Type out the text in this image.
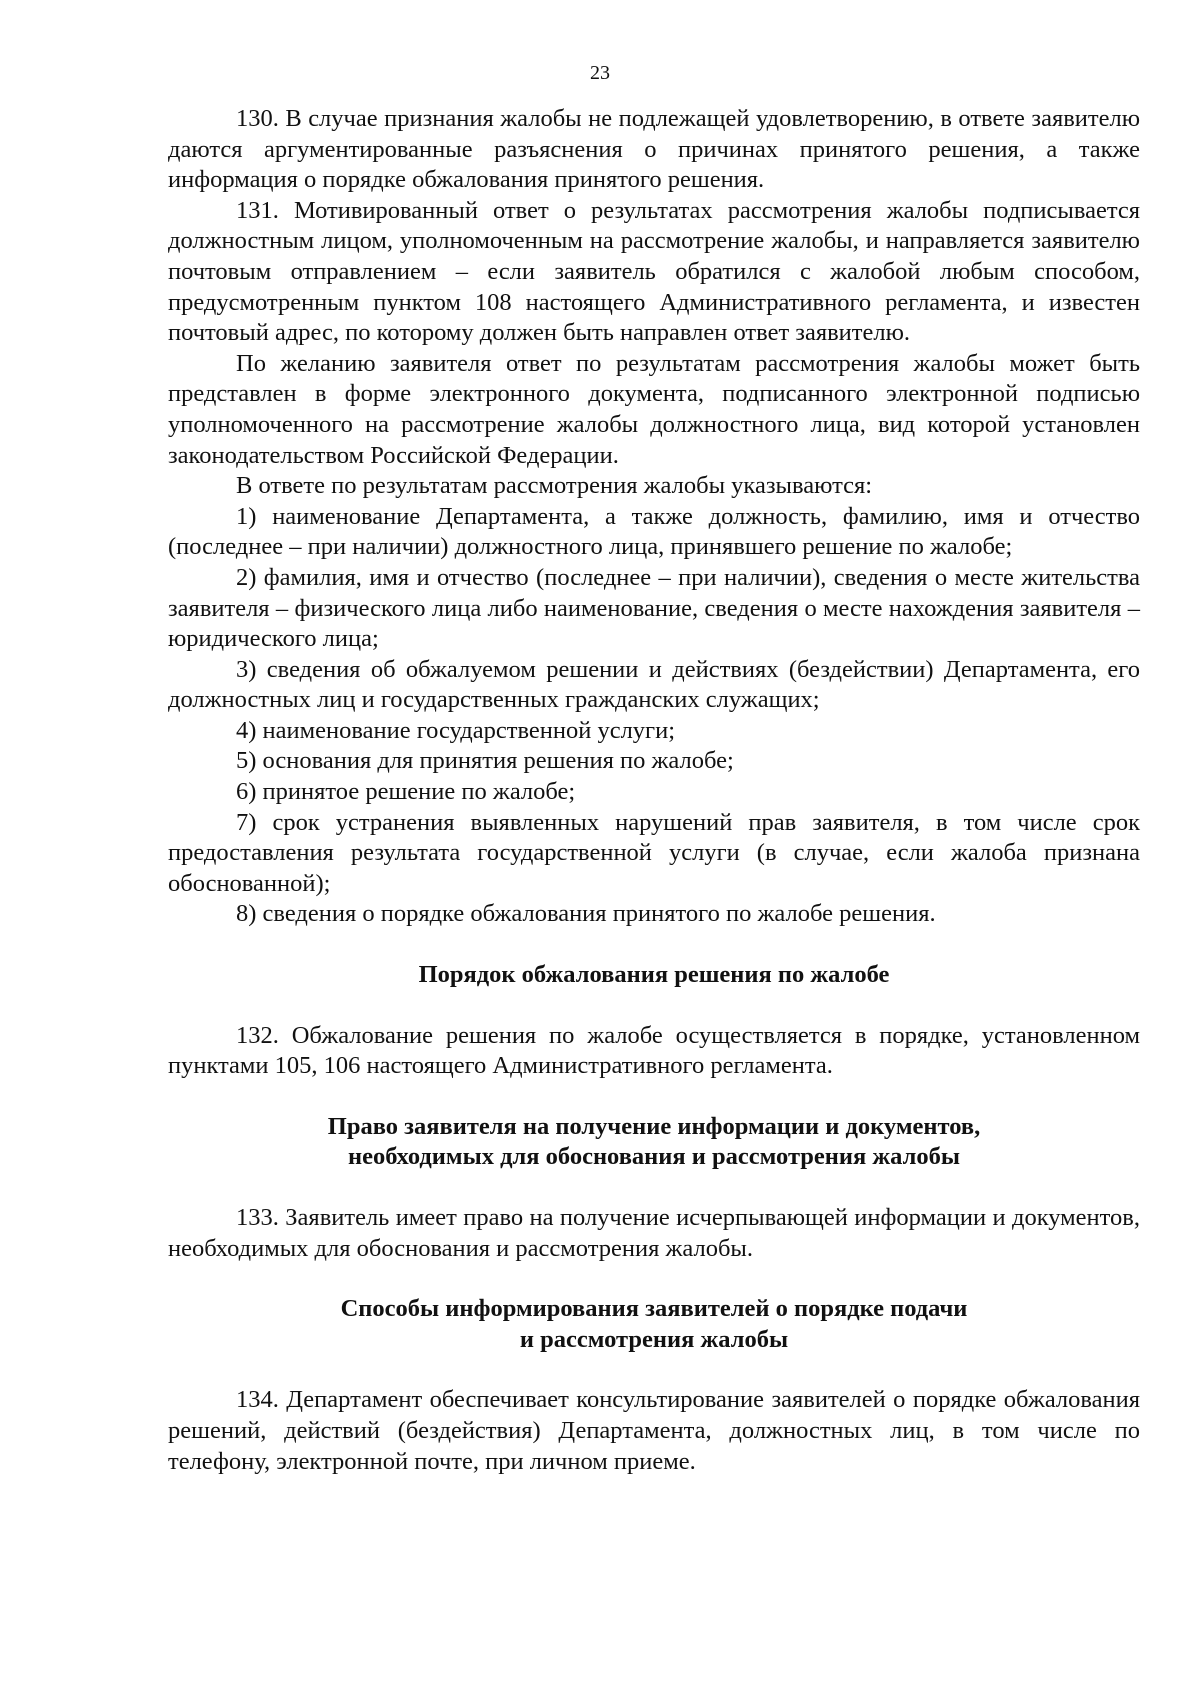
23

130. В случае признания жалобы не подлежащей удовлетворению, в ответе заявителю даются аргументированные разъяснения о причинах принятого решения, а также информация о порядке обжалования принятого решения.

131. Мотивированный ответ о результатах рассмотрения жалобы подписывается должностным лицом, уполномоченным на рассмотрение жалобы, и направляется заявителю почтовым отправлением – если заявитель обратился с жалобой любым способом, предусмотренным пунктом 108 настоящего Административного регламента, и известен почтовый адрес, по которому должен быть направлен ответ заявителю.

По желанию заявителя ответ по результатам рассмотрения жалобы может быть представлен в форме электронного документа, подписанного электронной подписью уполномоченного на рассмотрение жалобы должностного лица, вид которой установлен законодательством Российской Федерации.

В ответе по результатам рассмотрения жалобы указываются:

1) наименование Департамента, а также должность, фамилию, имя и отчество (последнее – при наличии) должностного лица, принявшего решение по жалобе;

2) фамилия, имя и отчество (последнее – при наличии), сведения о месте жительства заявителя – физического лица либо наименование, сведения о месте нахождения заявителя – юридического лица;

3) сведения об обжалуемом решении и действиях (бездействии) Департамента, его должностных лиц и государственных гражданских служащих;

4) наименование государственной услуги;

5) основания для принятия решения по жалобе;

6) принятое решение по жалобе;

7) срок устранения выявленных нарушений прав заявителя, в том числе срок предоставления результата государственной услуги (в случае, если жалоба признана обоснованной);

8) сведения о порядке обжалования принятого по жалобе решения.

Порядок обжалования решения по жалобе

132. Обжалование решения по жалобе осуществляется в порядке, установленном пунктами 105, 106 настоящего Административного регламента.

Право заявителя на получение информации и документов,
необходимых для обоснования и рассмотрения жалобы

133. Заявитель имеет право на получение исчерпывающей информации и документов, необходимых для обоснования и рассмотрения жалобы.

Способы информирования заявителей о порядке подачи
и рассмотрения жалобы

134. Департамент обеспечивает консультирование заявителей о порядке обжалования решений, действий (бездействия) Департамента, должностных лиц, в том числе по телефону, электронной почте, при личном приеме.
